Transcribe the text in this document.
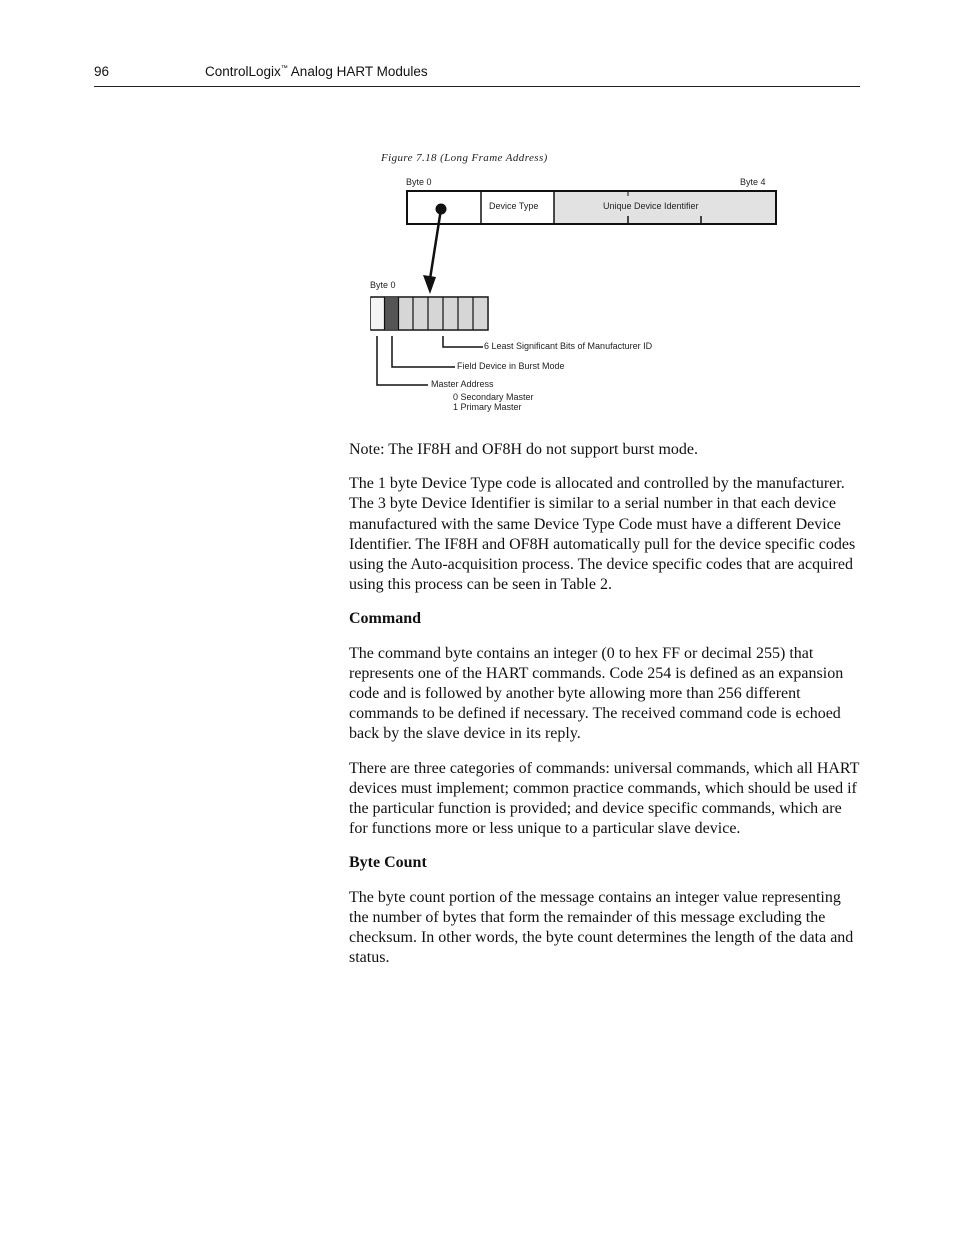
96	ControlLogix™ Analog HART Modules
Figure 7.18 (Long Frame Address)
Byte 0	Byte 4
Device Type	Unique Device Identifier
Byte 0
6 Least Significant Bits of Manufacturer ID
Field Device in Burst Mode
Master Address
0 Secondary Master
1 Primary Master

Note: The IF8H and OF8H do not support burst mode.

The 1 byte Device Type code is allocated and controlled by the manufacturer. The 3 byte Device Identifier is similar to a serial number in that each device manufactured with the same Device Type Code must have a different Device Identifier. The IF8H and OF8H automatically pull for the device specific codes using the Auto-acquisition process. The device specific codes that are acquired using this process can be seen in Table 2.

Command

The command byte contains an integer (0 to hex FF or decimal 255) that represents one of the HART commands. Code 254 is defined as an expansion code and is followed by another byte allowing more than 256 different commands to be defined if necessary. The received command code is echoed back by the slave device in its reply.

There are three categories of commands: universal commands, which all HART devices must implement; common practice commands, which should be used if the particular function is provided; and device specific commands, which are for functions more or less unique to a particular slave device.

Byte Count

The byte count portion of the message contains an integer value representing the number of bytes that form the remainder of this message excluding the checksum. In other words, the byte count determines the length of the data and status.
